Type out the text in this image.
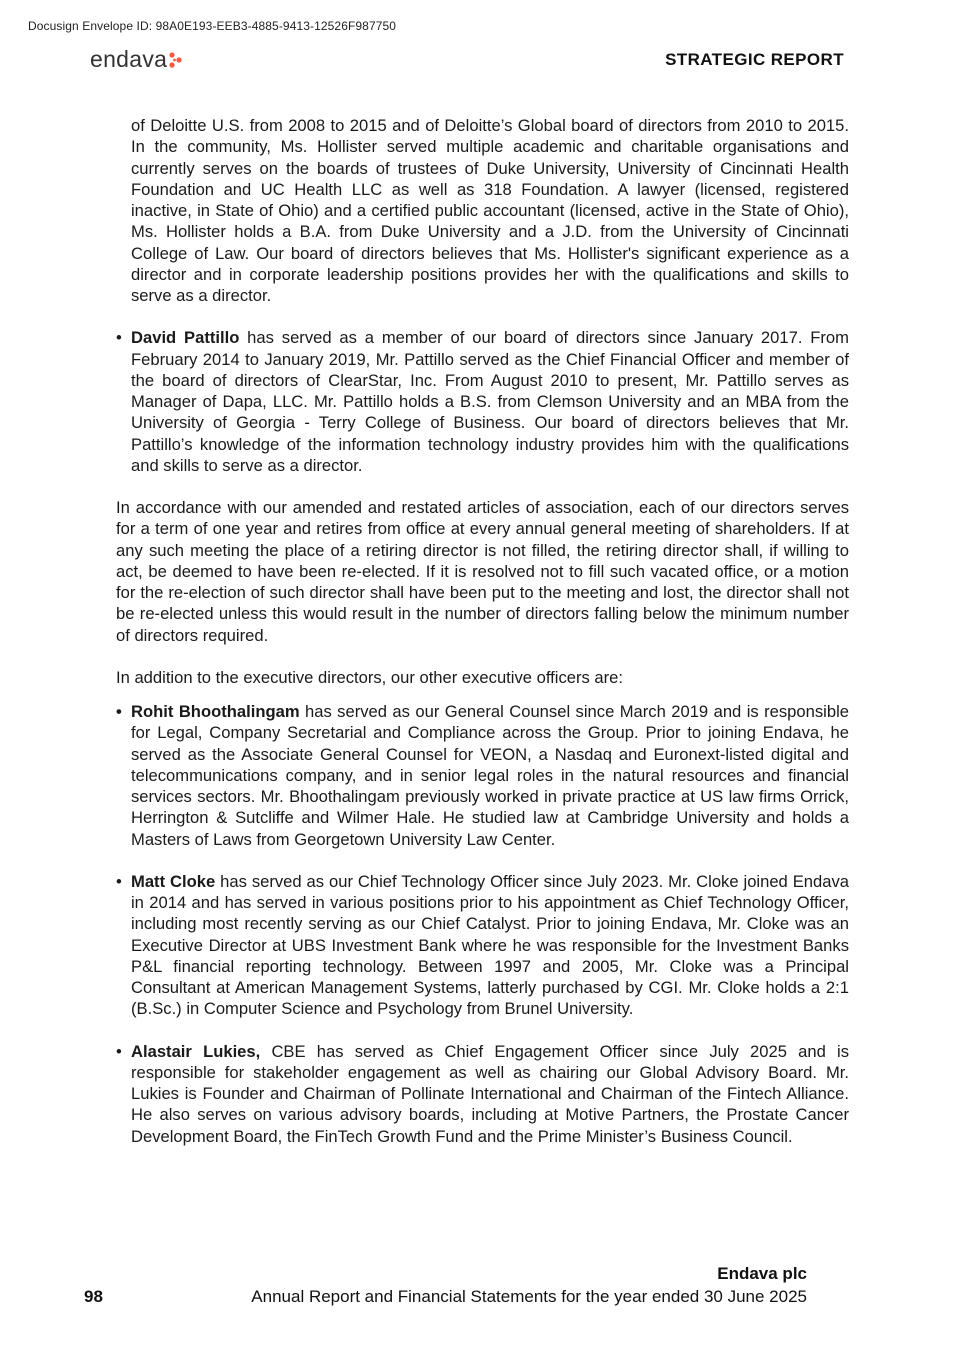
Docusign Envelope ID: 98A0E193-EEB3-4885-9413-12526F987750
endava	STRATEGIC REPORT

of Deloitte U.S. from 2008 to 2015 and of Deloitte’s Global board of directors from 2010 to 2015. In the community, Ms. Hollister served multiple academic and charitable organisations and currently serves on the boards of trustees of Duke University, University of Cincinnati Health Foundation and UC Health LLC as well as 318 Foundation. A lawyer (licensed, registered inactive, in State of Ohio) and a certified public accountant (licensed, active in the State of Ohio), Ms. Hollister holds a B.A. from Duke University and a J.D. from the University of Cincinnati College of Law. Our board of directors believes that Ms. Hollister's significant experience as a director and in corporate leadership positions provides her with the qualifications and skills to serve as a director.

• David Pattillo has served as a member of our board of directors since January 2017. From February 2014 to January 2019, Mr. Pattillo served as the Chief Financial Officer and member of the board of directors of ClearStar, Inc. From August 2010 to present, Mr. Pattillo serves as Manager of Dapa, LLC. Mr. Pattillo holds a B.S. from Clemson University and an MBA from the University of Georgia - Terry College of Business. Our board of directors believes that Mr. Pattillo’s knowledge of the information technology industry provides him with the qualifications and skills to serve as a director.

In accordance with our amended and restated articles of association, each of our directors serves for a term of one year and retires from office at every annual general meeting of shareholders. If at any such meeting the place of a retiring director is not filled, the retiring director shall, if willing to act, be deemed to have been re-elected. If it is resolved not to fill such vacated office, or a motion for the re-election of such director shall have been put to the meeting and lost, the director shall not be re-elected unless this would result in the number of directors falling below the minimum number of directors required.

In addition to the executive directors, our other executive officers are:

• Rohit Bhoothalingam has served as our General Counsel since March 2019 and is responsible for Legal, Company Secretarial and Compliance across the Group. Prior to joining Endava, he served as the Associate General Counsel for VEON, a Nasdaq and Euronext-listed digital and telecommunications company, and in senior legal roles in the natural resources and financial services sectors. Mr. Bhoothalingam previously worked in private practice at US law firms Orrick, Herrington & Sutcliffe and Wilmer Hale. He studied law at Cambridge University and holds a Masters of Laws from Georgetown University Law Center.

• Matt Cloke has served as our Chief Technology Officer since July 2023. Mr. Cloke joined Endava in 2014 and has served in various positions prior to his appointment as Chief Technology Officer, including most recently serving as our Chief Catalyst. Prior to joining Endava, Mr. Cloke was an Executive Director at UBS Investment Bank where he was responsible for the Investment Banks P&L financial reporting technology. Between 1997 and 2005, Mr. Cloke was a Principal Consultant at American Management Systems, latterly purchased by CGI. Mr. Cloke holds a 2:1 (B.Sc.) in Computer Science and Psychology from Brunel University.

• Alastair Lukies, CBE has served as Chief Engagement Officer since July 2025 and is responsible for stakeholder engagement as well as chairing our Global Advisory Board. Mr. Lukies is Founder and Chairman of Pollinate International and Chairman of the Fintech Alliance. He also serves on various advisory boards, including at Motive Partners, the Prostate Cancer Development Board, the FinTech Growth Fund and the Prime Minister’s Business Council.

Endava plc
98	Annual Report and Financial Statements for the year ended 30 June 2025
